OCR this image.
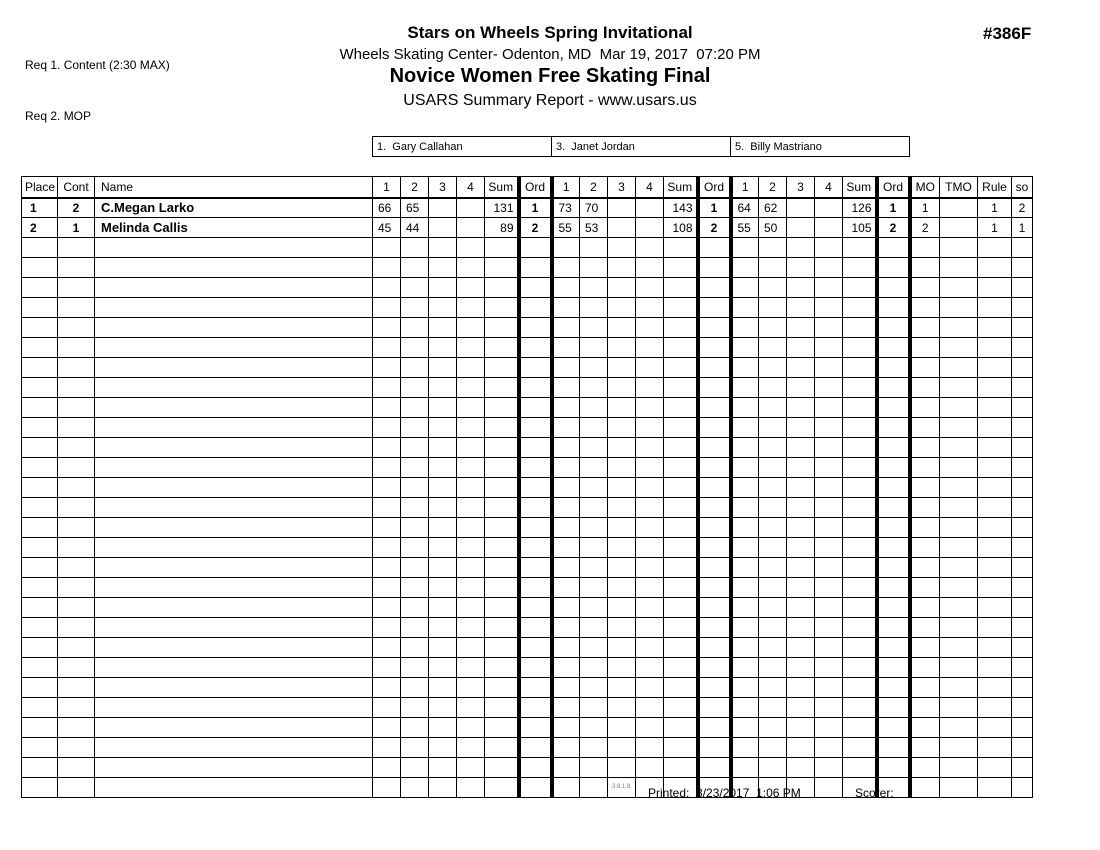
Req 1. Content (2:30 MAX)

Req 2. MOP

Stars on Wheels Spring Invitational
Wheels Skating Center- Odenton, MD  Mar 19, 2017  07:20 PM
Novice Women Free Skating Final
USARS Summary Report - www.usars.us
#386F
			1.  Gary Callahan						3.  Janet Jordan						5.  Billy Mastriano									

Place	Cont	Name	1	2	3	4	Sum	Ord	1	2	3	4	Sum	Ord	1	2	3	4	Sum	Ord	MO	TMO	Rule	so
1	2	C.Megan Larko	66	65			131	1	73	70			143	1	64	62			126	1	1		1	2
2	1	Melinda Callis	45	44			89	2	55	53			108	2	55	50			105	2	2		1	1

3.8.1.8 Printed:  3/23/2017  1:06 PM	Scorer:
